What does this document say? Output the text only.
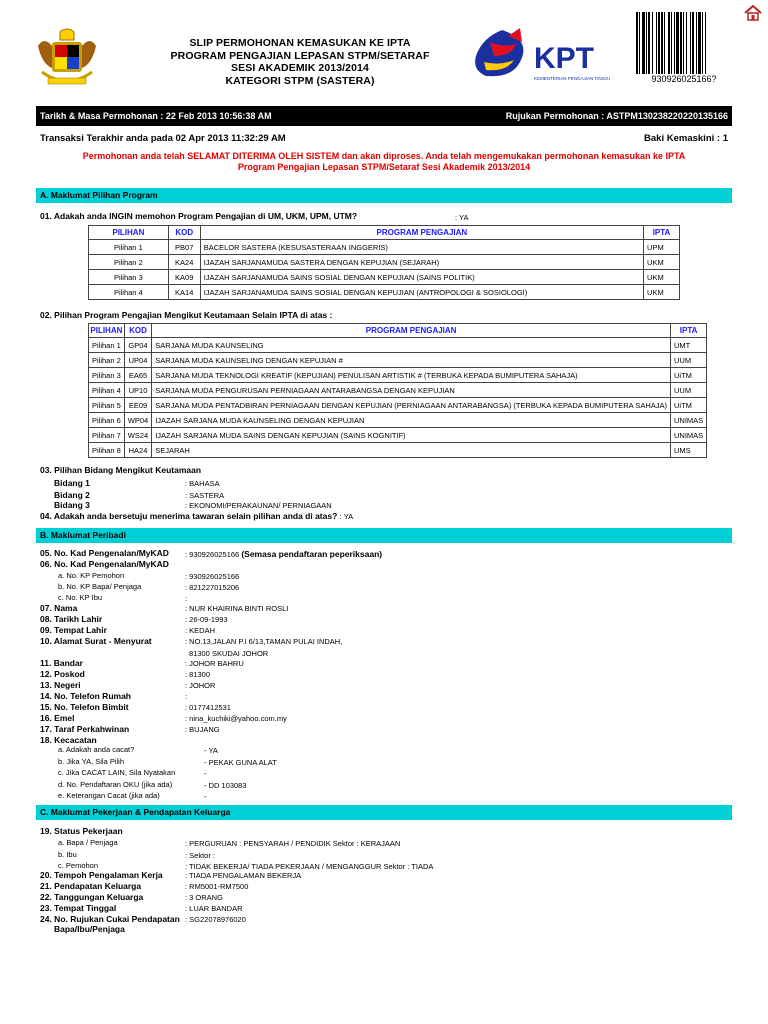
SLIP PERMOHONAN KEMASUKAN KE IPTA
PROGRAM PENGAJIAN LEPASAN STPM/SETARAF
SESI AKADEMIK 2013/2014
KATEGORI STPM (SASTERA)
KPT
KEMENTERIAN PENGAJIAN TINGGI	930926025166?
Tarikh & Masa Permohonan : 22 Feb 2013 10:56:38 AM	Rujukan Permohonan : ASTPM130238220220135166
Transaksi Terakhir anda pada 02 Apr 2013 11:32:29 AM	Baki Kemaskini : 1
Permohonan anda telah SELAMAT DITERIMA OLEH SISTEM dan akan diproses. Anda telah mengemukakan permohonan kemasukan ke IPTA
Program Pengajian Lepasan STPM/Setaraf Sesi Akademik 2013/2014
A. Maklumat Pilihan Program
01. Adakah anda INGIN memohon Program Pengajian di UM, UKM, UPM, UTM?	: YA
PILIHAN	KOD	PROGRAM PENGAJIAN	IPTA
Pilihan 1	PB07	BACELOR SASTERA (KESUSASTERAAN INGGERIS)	UPM
Pilihan 2	KA24	IJAZAH SARJANAMUDA SASTERA DENGAN KEPUJIAN (SEJARAH)	UKM
Pilihan 3	KA09	IJAZAH SARJANAMUDA SAINS SOSIAL DENGAN KEPUJIAN (SAINS POLITIK)	UKM
Pilihan 4	KA14	IJAZAH SARJANAMUDA SAINS SOSIAL DENGAN KEPUJIAN (ANTROPOLOGI & SOSIOLOGI)	UKM
02. Pilihan Program Pengajian Mengikut Keutamaan Selain IPTA di atas :
PILIHAN	KOD	PROGRAM PENGAJIAN	IPTA
Pilihan 1	GP04	SARJANA MUDA KAUNSELING	UMT
Pilihan 2	UP04	SARJANA MUDA KAUNSELING DENGAN KEPUJIAN #	UUM
Pilihan 3	EA65	SARJANA MUDA TEKNOLOGI KREATIF (KEPUJIAN) PENULISAN ARTISTIK # (TERBUKA KEPADA BUMIPUTERA SAHAJA)	UiTM
Pilihan 4	UP10	SARJANA MUDA PENGURUSAN PERNIAGAAN ANTARABANGSA DENGAN KEPUJIAN	UUM
Pilihan 5	EE09	SARJANA MUDA PENTADBIRAN PERNIAGAAN DENGAN KEPUJIAN (PERNIAGAAN ANTARABANGSA) (TERBUKA KEPADA BUMIPUTERA SAHAJA)	UiTM
Pilihan 6	WP04	IJAZAH SARJANA MUDA KAUNSELING DENGAN KEPUJIAN	UNIMAS
Pilihan 7	WS24	IJAZAH SARJANA MUDA SAINS DENGAN KEPUJIAN (SAINS KOGNITIF)	UNIMAS
Pilihan 8	HA24	SEJARAH	UMS
03. Pilihan Bidang Mengikut Keutamaan
Bidang 1	: BAHASA
Bidang 2	: SASTERA
Bidang 3	: EKONOMI/PERAKAUNAN/ PERNIAGAAN
04. Adakah anda bersetuju menerima tawaran selain pilihan anda di atas? : YA
B. Maklumat Peribadi
05. No. Kad Pengenalan/MyKAD : 930926025166 (Semasa pendaftaran peperiksaan)
06. No. Kad Pengenalan/MyKAD
a. No. KP Pemohon	: 930926025166
b. No. KP Bapa/ Penjaga	: 821227015206
c. No. KP Ibu	:
07. Nama	: NUR KHAIRINA BINTI ROSLI
08. Tarikh Lahir	: 26-09-1993
09. Tempat Lahir	: KEDAH
10. Alamat Surat - Menyurat	: NO.13,JALAN P.I 6/13,TAMAN PULAI INDAH,
81300 SKUDAI JOHOR
11. Bandar	: JOHOR BAHRU
12. Poskod	: 81300
13. Negeri	: JOHOR
14. No. Telefon Rumah	:
15. No. Telefon Bimbit	: 0177412531
16. Emel	: nina_kuchiki@yahoo.com.my
17. Taraf Perkahwinan	: BUJANG
18. Kecacatan
a. Adakah anda cacat?	- YA
b. Jika YA, Sila Pilih	- PEKAK GUNA ALAT
c. Jika CACAT LAIN, Sila Nyatakan	-
d. No. Pendaftaran OKU (jika ada)	- DD 103083
e. Keterangan Cacat (jika ada)	-
C. Maklumat Pekerjaan & Pendapatan Keluarga
19. Status Pekerjaan
a. Bapa / Penjaga	: PERGURUAN : PENSYARAH / PENDIDIK Sektor : KERAJAAN
b. Ibu	: Sektor :
c. Pemohon	: TIDAK BEKERJA/ TIADA PEKERJAAN / MENGANGGUR Sektor : TIADA
20. Tempoh Pengalaman Kerja	: TIADA PENGALAMAN BEKERJA
21. Pendapatan Keluarga	: RM5001-RM7500
22. Tanggungan Keluarga	: 3 ORANG
23. Tempat Tinggal	: LUAR BANDAR
24. No. Rujukan Cukai Pendapatan : SG22078976020
Bapa/Ibu/Penjaga
